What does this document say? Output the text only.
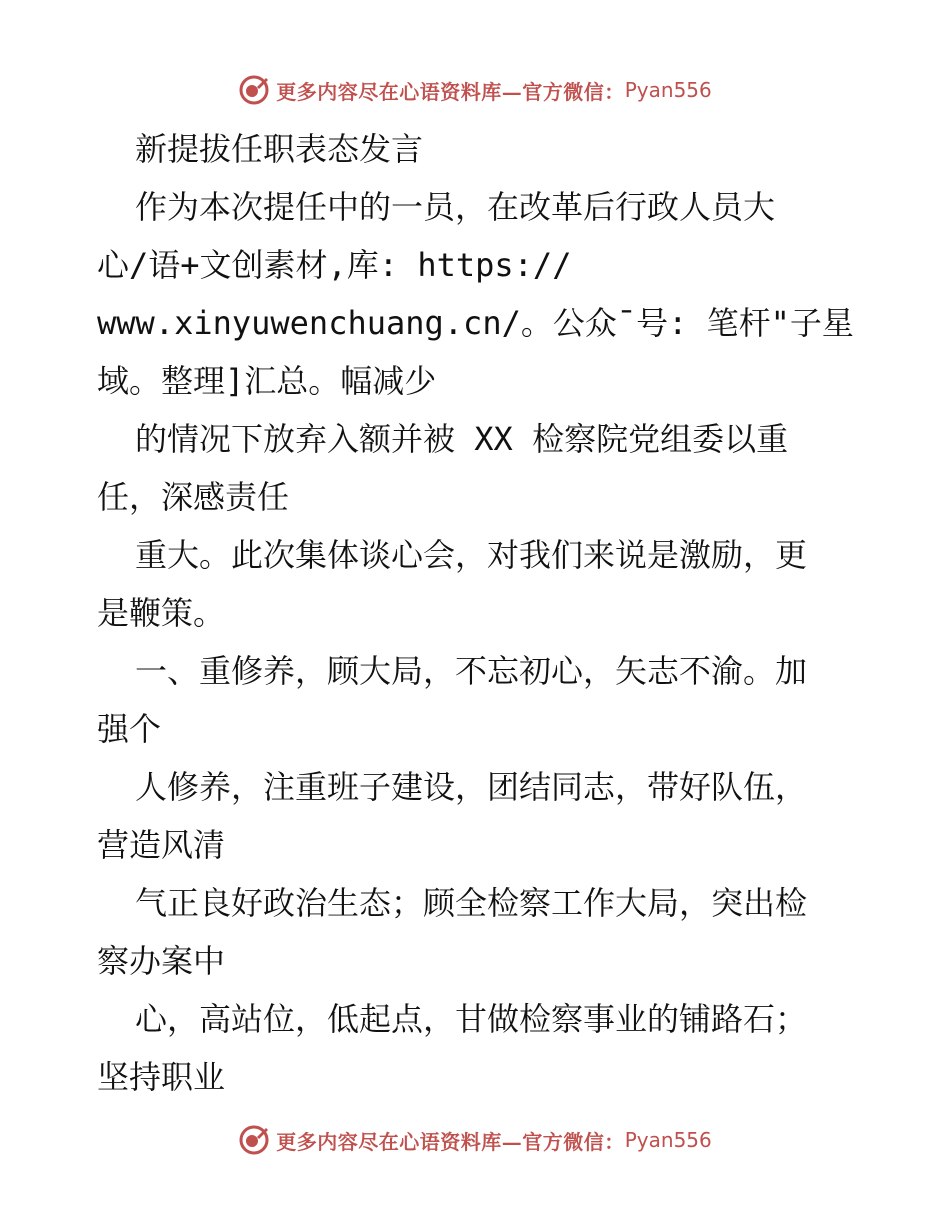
更多内容尽在心语资料库—官方微信： Pyan556
新提拔任职表态发言
作为本次提任中的一员，在改革后行政人员大
心/语+文创素材,库: https://
www.xinyuwenchuang.cn/。公众¯号: 笔杆"子星
域。整理]汇总。幅减少
的情况下放弃入额并被 XX 检察院党组委以重
任，深感责任
重大。此次集体谈心会，对我们来说是激励，更
是鞭策。
一、重修养，顾大局，不忘初心，矢志不渝。加
强个
人修养，注重班子建设，团结同志，带好队伍，
营造风清
气正良好政治生态；顾全检察工作大局，突出检
察办案中
心，高站位，低起点，甘做检察事业的铺路石；
坚持职业
更多内容尽在心语资料库—官方微信： Pyan556
